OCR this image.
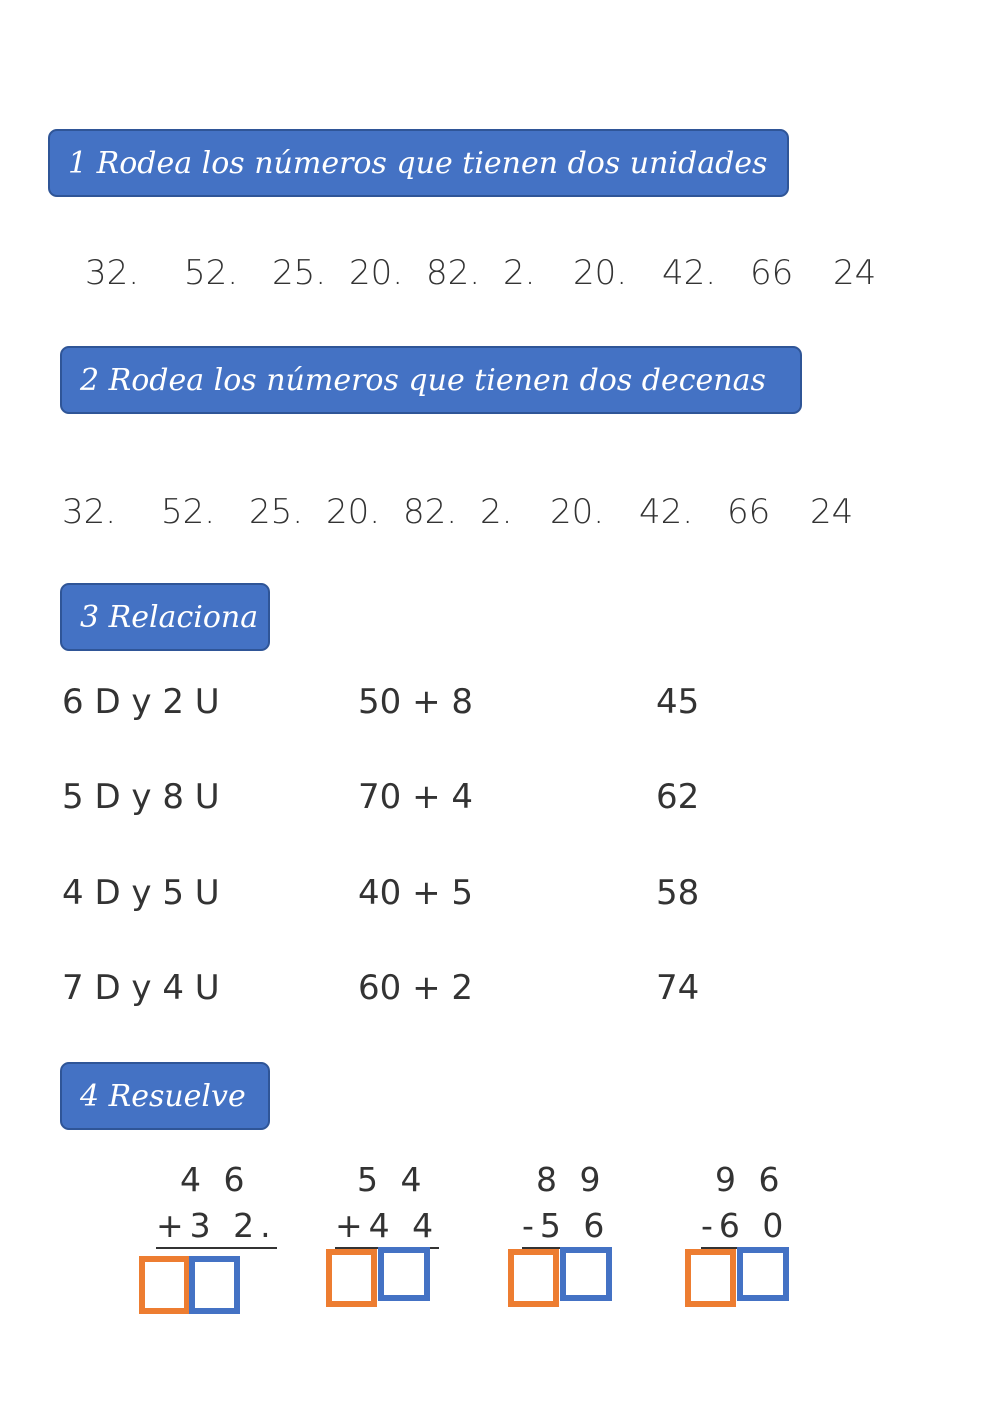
1 Rodea los números que tienen dos unidades
32. 52. 25. 20. 82. 2. 20. 42. 66 24
2 Rodea los números que tienen dos decenas
32. 52. 25. 20. 82. 2. 20. 42. 66 24
3 Relaciona
6 D y 2 U	50 + 8	45
5 D y 8 U	70 + 4	62
4 D y 5 U	40 + 5	58
7 D y 4 U	60 + 2	74
4 Resuelve
4 6
+3 2.
5 4
+4 4
8 9
-5 6
9 6
-6 0
